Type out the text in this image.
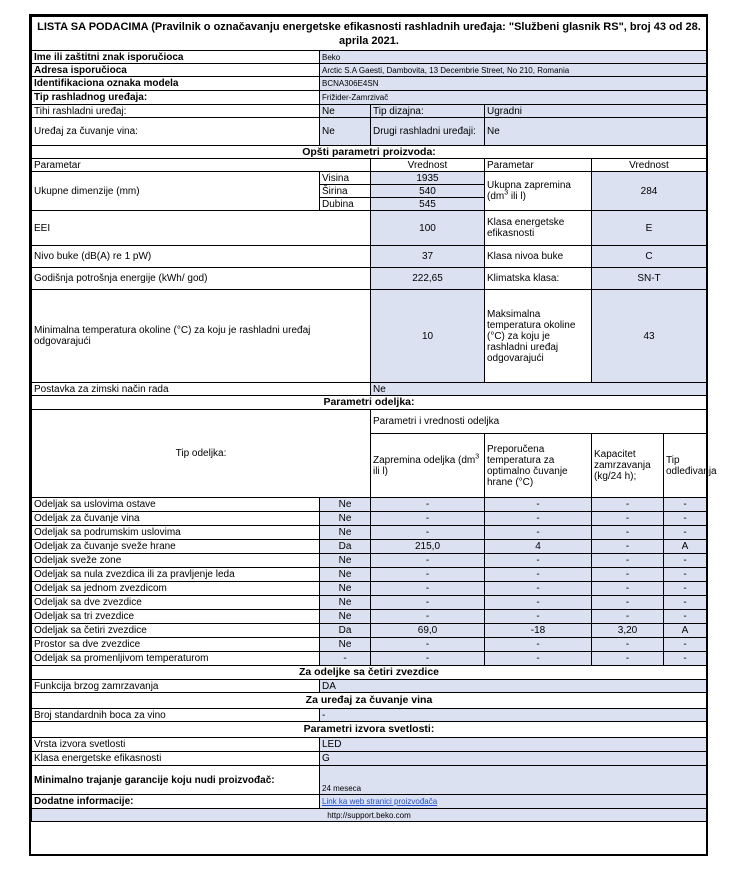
LISTA SA PODACIMA (Pravilnik o označavanju energetske efikasnosti rashladnih uređaja: "Službeni glasnik RS", broj 43 od 28. aprila 2021.					
Ime ili zaštitni znak isporučioca	Beko				
Adresa isporučioca	Arctic S.A Gaesti, Dambovita, 13 Decembrie Street, No 210, Romania				
Identifikaciona oznaka modela	BCNA306E4SN				
Tip rashladnog uređaja:	Frižider-Zamrzivač				
Tihi rashladni uređaj:	Ne	Tip dizajna:	Ugradni		
Uređaj za čuvanje vina:	Ne	Drugi rashladni uređaji:	Ne		
Opšti parametri proizvoda:					
Parametar		Vrednost	Parametar	Vrednost	
Ukupne dimenzije (mm)	Visina	1935	Ukupna zapremina ($dm^3$ ili l)	284	
	Širina	540			
	Dubina	545			
EEI		100	Klasa energetske efikasnosti	E	
Nivo buke (dB(A) re 1 pW)		37	Klasa nivoa buke	C	
Godišnja potrošnja energije (kWh/ god)		222,65	Klimatska klasa:	SN-T	
Minimalna temperatura okoline (°C) za koju je rashladni uređaj odgovarajući		10	Maksimalna temperatura okoline (°C) za koju je rashladni uređaj odgovarajući	43	
Postavka za zimski način rada		Ne			
Parametri odeljka:					
Tip odeljka:		Parametri i vrednosti odeljka			
		Zapremina odeljka ($dm^3$ ili l)	Preporučena temperatura za optimalno čuvanje hrane (°C)	Kapacitet zamrzavanja (kg/24 h);	Tip odleđivanja
Odeljak sa uslovima ostave	Ne	-	-	-	-
Odeljak za čuvanje vina	Ne	-	-	-	-
Odeljak sa podrumskim uslovima	Ne	-	-	-	-
Odeljak za čuvanje sveže hrane	Da	215,0	4	-	A
Odeljak sveže zone	Ne	-	-	-	-
Odeljak sa nula zvezdica ili za pravljenje leda	Ne	-	-	-	-
Odeljak sa jednom zvezdicom	Ne	-	-	-	-
Odeljak sa dve zvezdice	Ne	-	-	-	-
Odeljak sa tri zvezdice	Ne	-	-	-	-
Odeljak sa četiri zvezdice	Da	69,0	-18	3,20	A
Prostor sa dve zvezdice	Ne	-	-	-	-
Odeljak sa promenljivom temperaturom	-	-	-	-	-
Za odeljke sa četiri zvezdice					
Funkcija brzog zamrzavanja	DA				
Za uređaj za čuvanje vina					
Broj standardnih boca za vino	-				
Parametri izvora svetlosti:					
Vrsta izvora svetlosti	LED				
Klasa energetske efikasnosti	G				
Minimalno trajanje garancije koju nudi proizvođač:	24 meseca				
Dodatne informacije:	Link ka web stranici proizvođača				
http://support.beko.com					
